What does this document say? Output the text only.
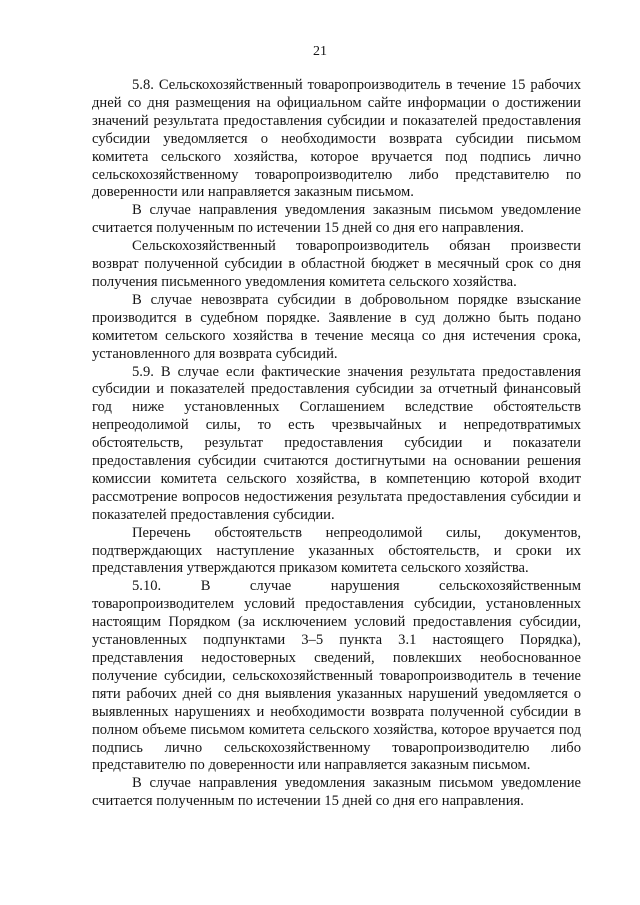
21

5.8. Сельскохозяйственный товаропроизводитель в течение 15 рабочих дней со дня размещения на официальном сайте информации о достижении значений результата предоставления субсидии и показателей предоставления субсидии уведомляется о необходимости возврата субсидии письмом комитета сельского хозяйства, которое вручается под подпись лично сельскохозяйственному товаропроизводителю либо представителю по доверенности или направляется заказным письмом.

В случае направления уведомления заказным письмом уведомление считается полученным по истечении 15 дней со дня его направления.

Сельскохозяйственный товаропроизводитель обязан произвести возврат полученной субсидии в областной бюджет в месячный срок со дня получения письменного уведомления комитета сельского хозяйства.

В случае невозврата субсидии в добровольном порядке взыскание производится в судебном порядке. Заявление в суд должно быть подано комитетом сельского хозяйства в течение месяца со дня истечения срока, установленного для возврата субсидий.

5.9. В случае если фактические значения результата предоставления субсидии и показателей предоставления субсидии за отчетный финансовый год ниже установленных Соглашением вследствие обстоятельств непреодолимой силы, то есть чрезвычайных и непредотвратимых обстоятельств, результат предоставления субсидии и показатели предоставления субсидии считаются достигнутыми на основании решения комиссии комитета сельского хозяйства, в компетенцию которой входит рассмотрение вопросов недостижения результата предоставления субсидии и показателей предоставления субсидии.

Перечень обстоятельств непреодолимой силы, документов, подтверждающих наступление указанных обстоятельств, и сроки их представления утверждаются приказом комитета сельского хозяйства.

5.10. В случае нарушения сельскохозяйственным товаропроизводителем условий предоставления субсидии, установленных настоящим Порядком (за исключением условий предоставления субсидии, установленных подпунктами 3–5 пункта 3.1 настоящего Порядка), представления недостоверных сведений, повлекших необоснованное получение субсидии, сельскохозяйственный товаропроизводитель в течение пяти рабочих дней со дня выявления указанных нарушений уведомляется о выявленных нарушениях и необходимости возврата полученной субсидии в полном объеме письмом комитета сельского хозяйства, которое вручается под подпись лично сельскохозяйственному товаропроизводителю либо представителю по доверенности или направляется заказным письмом.

В случае направления уведомления заказным письмом уведомление считается полученным по истечении 15 дней со дня его направления.
